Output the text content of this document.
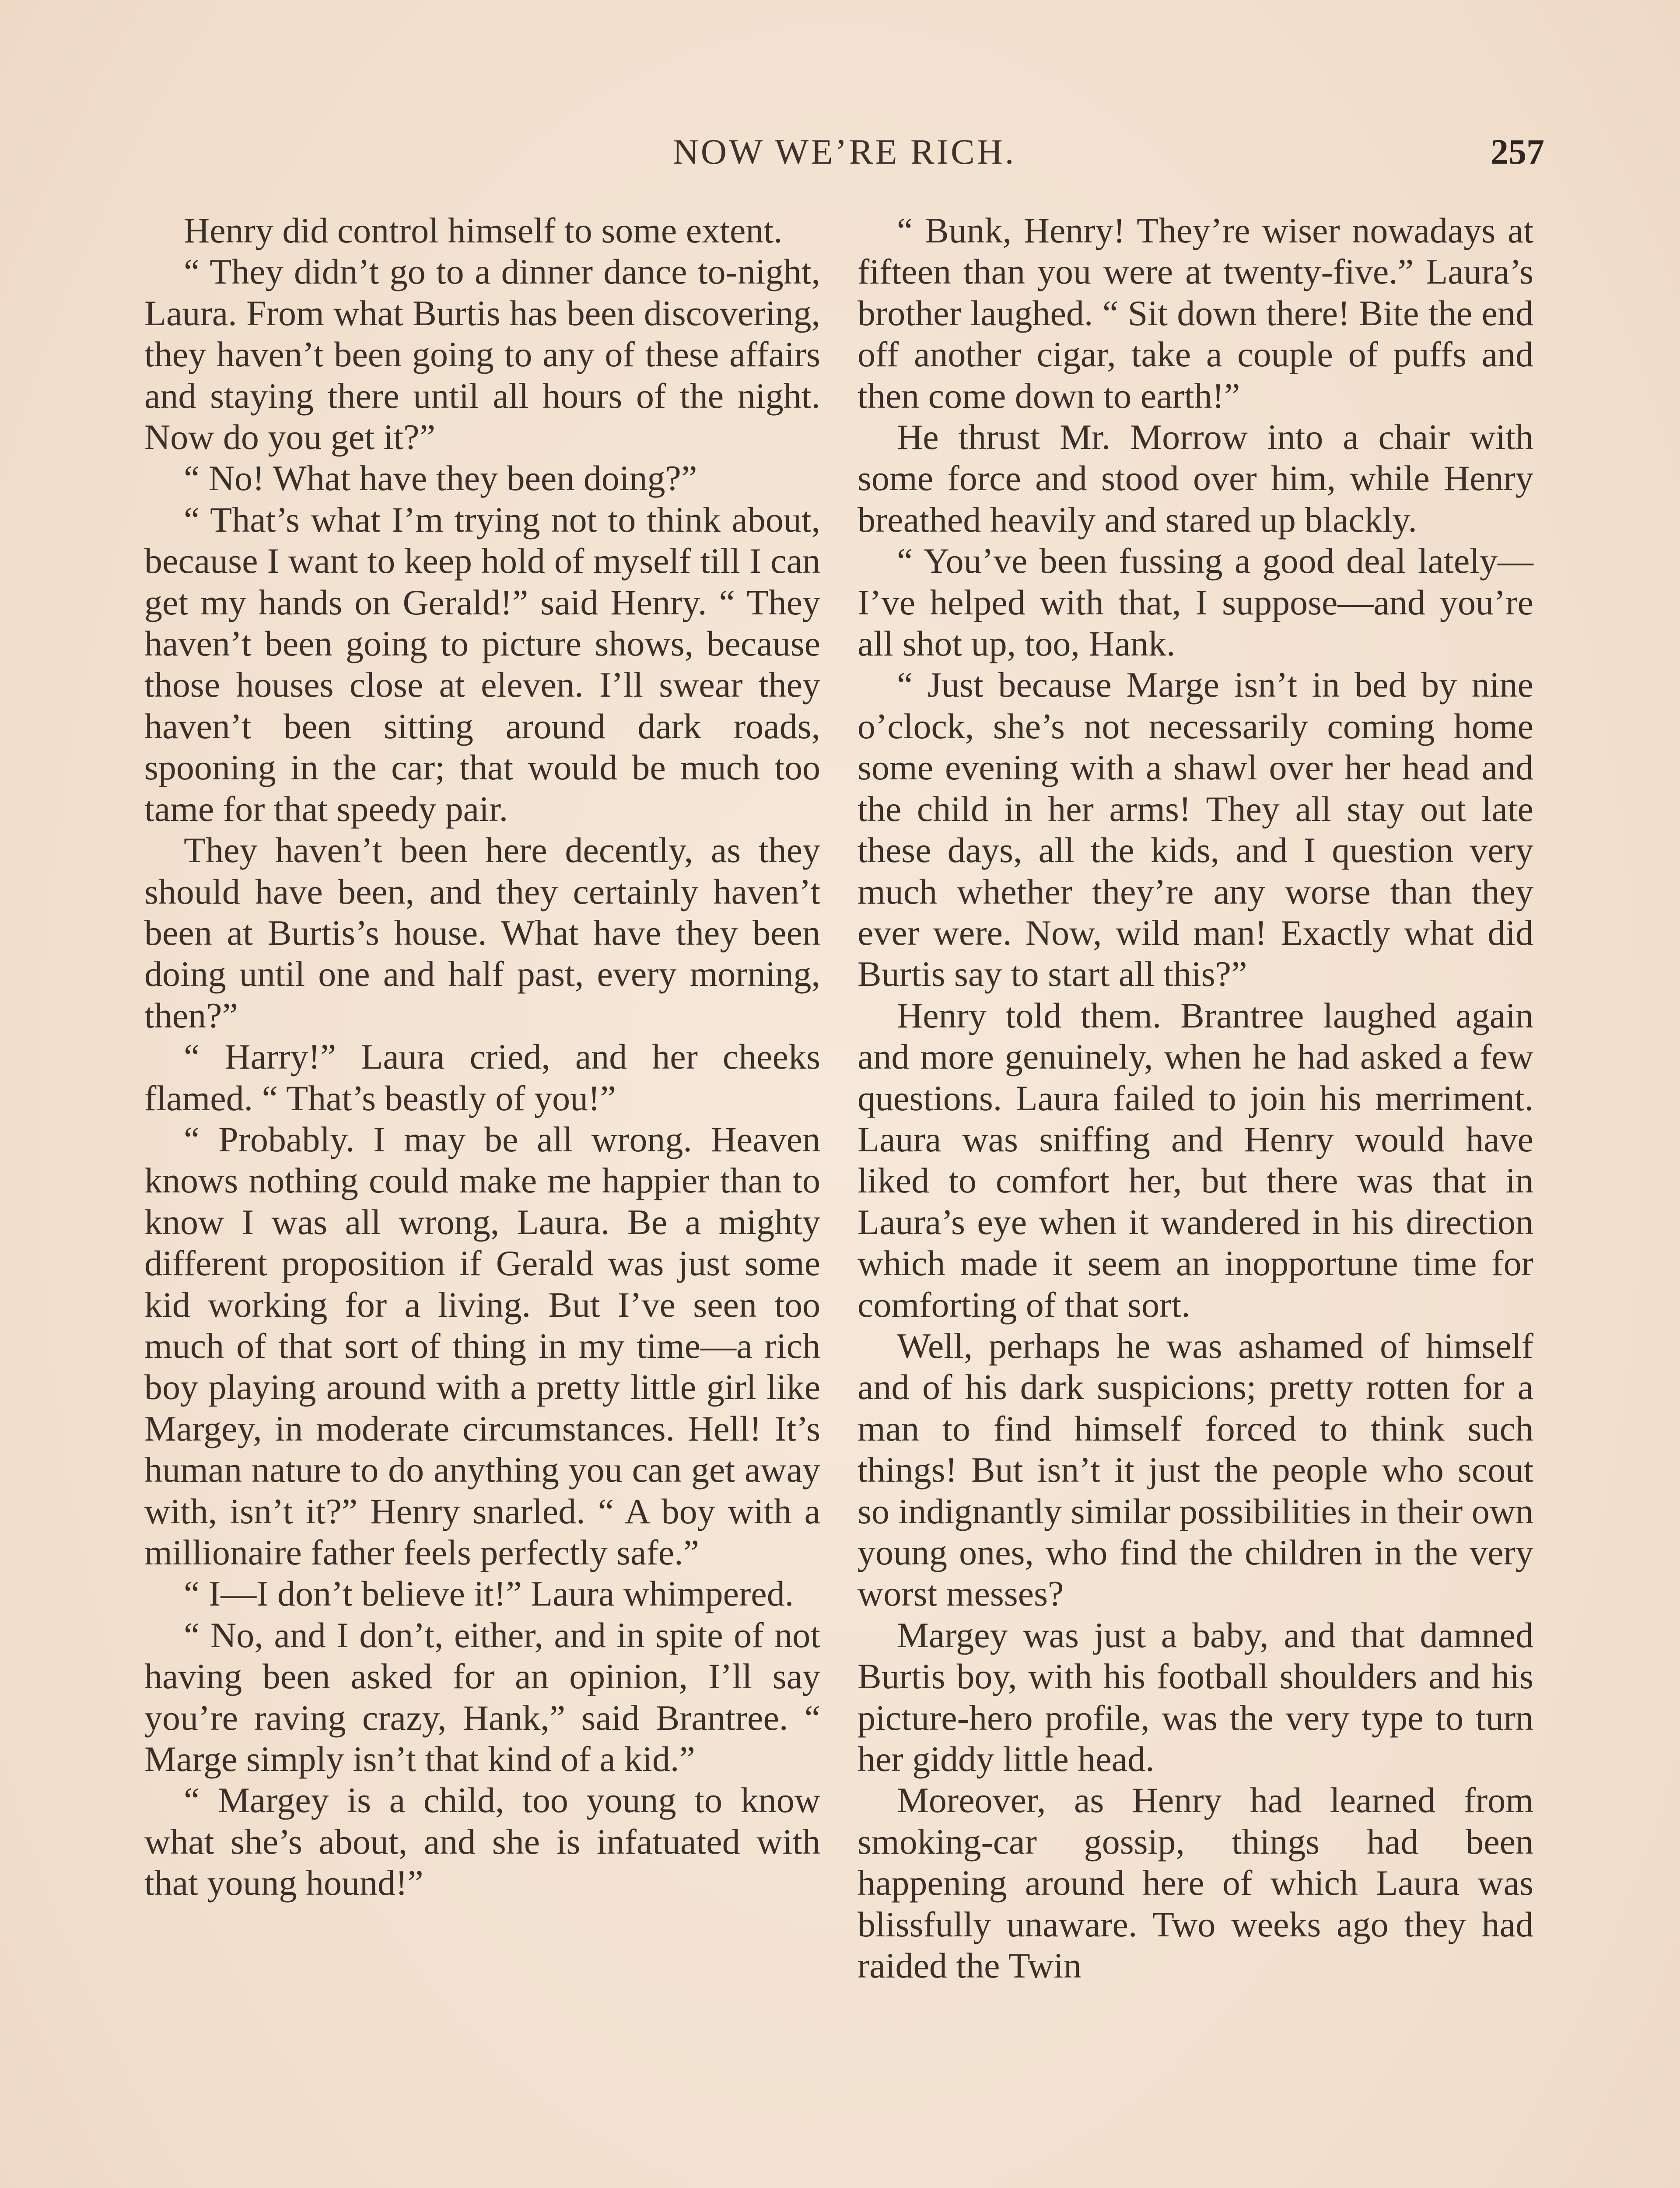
NOW WE’RE RICH.	257

Henry did control himself to some extent.

“ They didn’t go to a dinner dance to-night, Laura. From what Burtis has been discovering, they haven’t been going to any of these affairs and staying there until all hours of the night. Now do you get it?”

“ No! What have they been doing?”

“ That’s what I’m trying not to think about, because I want to keep hold of myself till I can get my hands on Gerald!” said Henry. “ They haven’t been going to picture shows, because those houses close at eleven. I’ll swear they haven’t been sitting around dark roads, spooning in the car; that would be much too tame for that speedy pair.

They haven’t been here decently, as they should have been, and they certainly haven’t been at Burtis’s house. What have they been doing until one and half past, every morning, then?”

“ Harry!” Laura cried, and her cheeks flamed. “ That’s beastly of you!”

“ Probably. I may be all wrong. Heaven knows nothing could make me happier than to know I was all wrong, Laura. Be a mighty different proposition if Gerald was just some kid working for a living. But I’ve seen too much of that sort of thing in my time—a rich boy playing around with a pretty little girl like Margey, in moderate circumstances. Hell! It’s human nature to do anything you can get away with, isn’t it?” Henry snarled. “ A boy with a millionaire father feels perfectly safe.”

“ I—I don’t believe it!” Laura whimpered.

“ No, and I don’t, either, and in spite of not having been asked for an opinion, I’ll say you’re raving crazy, Hank,” said Brantree. “ Marge simply isn’t that kind of a kid.”

“ Margey is a child, too young to know what she’s about, and she is infatuated with that young hound!”

“ Bunk, Henry! They’re wiser nowadays at fifteen than you were at twenty-five.” Laura’s brother laughed. “ Sit down there! Bite the end off another cigar, take a couple of puffs and then come down to earth!”

He thrust Mr. Morrow into a chair with some force and stood over him, while Henry breathed heavily and stared up blackly.

“ You’ve been fussing a good deal lately—I’ve helped with that, I suppose—and you’re all shot up, too, Hank.

“ Just because Marge isn’t in bed by nine o’clock, she’s not necessarily coming home some evening with a shawl over her head and the child in her arms! They all stay out late these days, all the kids, and I question very much whether they’re any worse than they ever were. Now, wild man! Exactly what did Burtis say to start all this?”

Henry told them. Brantree laughed again and more genuinely, when he had asked a few questions. Laura failed to join his merriment. Laura was sniffing and Henry would have liked to comfort her, but there was that in Laura’s eye when it wandered in his direction which made it seem an inopportune time for comforting of that sort.

Well, perhaps he was ashamed of himself and of his dark suspicions; pretty rotten for a man to find himself forced to think such things! But isn’t it just the people who scout so indignantly similar possibilities in their own young ones, who find the children in the very worst messes?

Margey was just a baby, and that damned Burtis boy, with his football shoulders and his picture-hero profile, was the very type to turn her giddy little head.

Moreover, as Henry had learned from smoking-car gossip, things had been happening around here of which Laura was blissfully unaware. Two weeks ago they had raided the Twin
